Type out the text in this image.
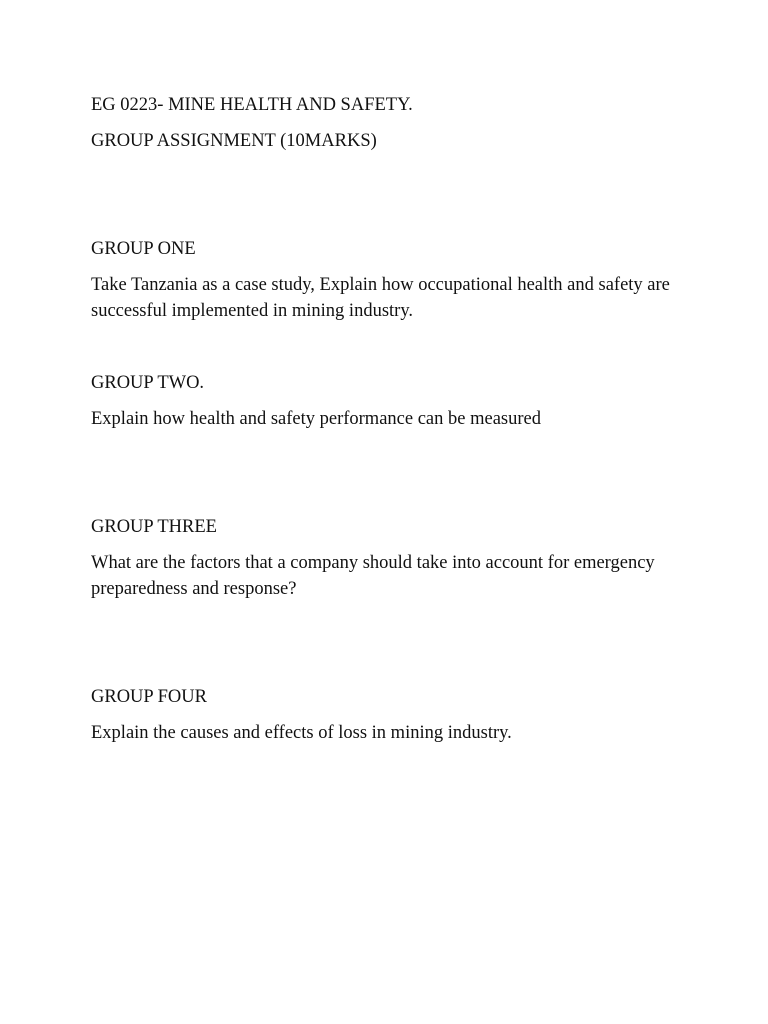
EG 0223- MINE HEALTH AND SAFETY.

GROUP ASSIGNMENT (10MARKS)

GROUP ONE

Take Tanzania as a case study, Explain how occupational health and safety are successful implemented in mining industry.

GROUP TWO.

Explain how health and safety performance can be measured

GROUP THREE

What are the factors that a company should take into account for emergency preparedness and response?

GROUP FOUR

Explain the causes and effects of loss in mining industry.
